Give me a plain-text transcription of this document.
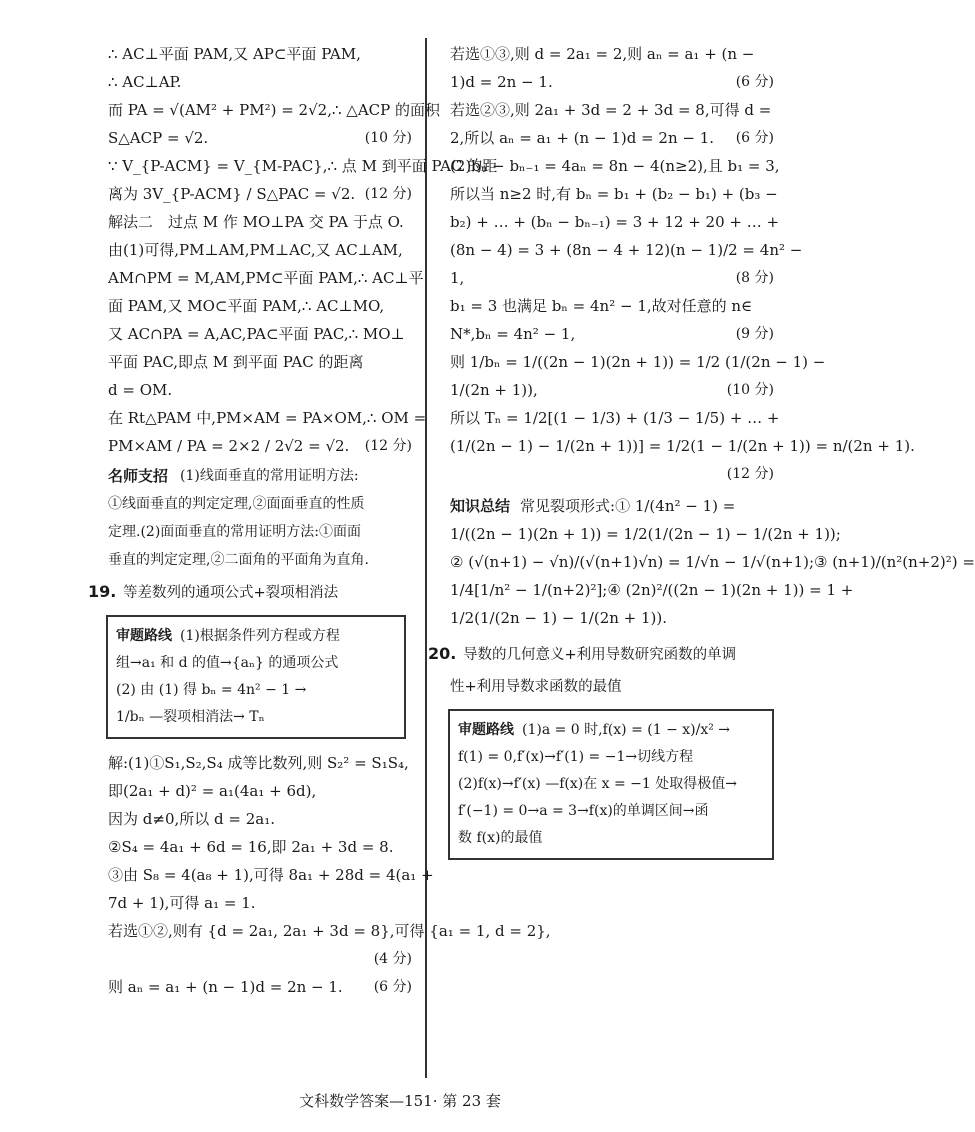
∴ AC⊥平面 PAM,又 AP⊂平面 PAM,
∴ AC⊥AP.
而 PA = √(AM² + PM²) = 2√2,∴ △ACP 的面积
S△ACP = √2.	(10 分)
∵ V_{P-ACM} = V_{M-PAC},∴ 点 M 到平面 PAC 的距
离为 3V_{P-ACM} / S△PAC = √2. (12 分)
解法二　过点 M 作 MO⊥PA 交 PA 于点 O.
由(1)可得,PM⊥AM,PM⊥AC,又 AC⊥AM,
AM∩PM = M,AM,PM⊂平面 PAM,∴ AC⊥平
面 PAM,又 MO⊂平面 PAM,∴ AC⊥MO,
又 AC∩PA = A,AC,PA⊂平面 PAC,∴ MO⊥
平面 PAC,即点 M 到平面 PAC 的距离
d = OM.
在 Rt△PAM 中,PM×AM = PA×OM,∴ OM =
PM×AM / PA = 2×2 / 2√2 = √2. (12 分)
名师支招 (1)线面垂直的常用证明方法:
①线面垂直的判定定理,②面面垂直的性质
定理.(2)面面垂直的常用证明方法:①面面
垂直的判定定理,②二面角的平面角为直角.
19. 等差数列的通项公式+裂项相消法
审题路线 (1)根据条件列方程或方程
组→a₁ 和 d 的值→{aₙ} 的通项公式
(2) 由 (1) 得 bₙ = 4n² − 1 →
1/bₙ —裂项相消法→ Tₙ
解:(1)①S₁,S₂,S₄ 成等比数列,则 S₂² = S₁S₄,
即(2a₁ + d)² = a₁(4a₁ + 6d),
因为 d≠0,所以 d = 2a₁.
②S₄ = 4a₁ + 6d = 16,即 2a₁ + 3d = 8.
③由 S₈ = 4(a₈ + 1),可得 8a₁ + 28d = 4(a₁ +
7d + 1),可得 a₁ = 1.
若选①②,则有 {d = 2a₁, 2a₁ + 3d = 8},可得 {a₁ = 1, d = 2},
(4 分)
则 aₙ = a₁ + (n − 1)d = 2n − 1. (6 分)
若选①③,则 d = 2a₁ = 2,则 aₙ = a₁ + (n −
1)d = 2n − 1.	(6 分)
若选②③,则 2a₁ + 3d = 2 + 3d = 8,可得 d =
2,所以 aₙ = a₁ + (n − 1)d = 2n − 1. (6 分)
(2)bₙ − bₙ₋₁ = 4aₙ = 8n − 4(n≥2),且 b₁ = 3,
所以当 n≥2 时,有 bₙ = b₁ + (b₂ − b₁) + (b₃ −
b₂) + … + (bₙ − bₙ₋₁) = 3 + 12 + 20 + … +
(8n − 4) = 3 + (8n − 4 + 12)(n − 1)/2 = 4n² −
1,	(8 分)
b₁ = 3 也满足 bₙ = 4n² − 1,故对任意的 n∈
N*,bₙ = 4n² − 1,	(9 分)
则 1/bₙ = 1/((2n − 1)(2n + 1)) = 1/2 (1/(2n − 1) −
1/(2n + 1)),	(10 分)
所以 Tₙ = 1/2[(1 − 1/3) + (1/3 − 1/5) + … +
(1/(2n − 1) − 1/(2n + 1))] = 1/2(1 − 1/(2n + 1)) = n/(2n + 1).
(12 分)
知识总结 常见裂项形式:① 1/(4n² − 1) =
1/((2n − 1)(2n + 1)) = 1/2(1/(2n − 1) − 1/(2n + 1));
② (√(n+1) − √n)/(√(n+1)√n) = 1/√n − 1/√(n+1);③ (n+1)/(n²(n+2)²) =
1/4[1/n² − 1/(n+2)²];④ (2n)²/((2n − 1)(2n + 1)) = 1 +
1/2(1/(2n − 1) − 1/(2n + 1)).
20. 导数的几何意义+利用导数研究函数的单调
性+利用导数求函数的最值
审题路线 (1)a = 0 时,f(x) = (1 − x)/x² →
f(1) = 0,f′(x)→f′(1) = −1→切线方程
(2)f(x)→f′(x) —f(x)在 x = −1 处取得极值→
f′(−1) = 0→a = 3→f(x)的单调区间→函
数 f(x)的最值
文科数学答案—151· 第 23 套
